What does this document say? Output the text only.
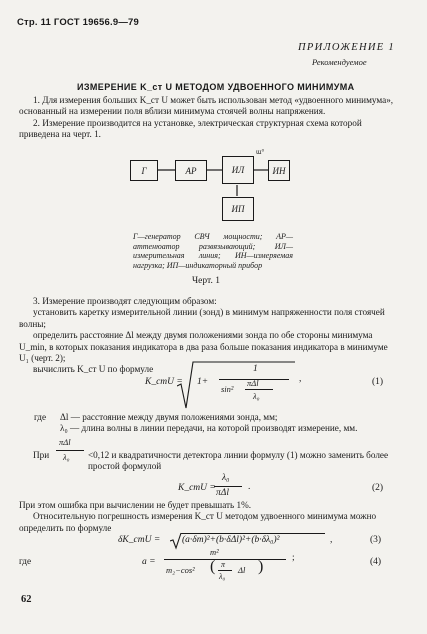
Стр. 11 ГОСТ 19656.9—79
ПРИЛОЖЕНИЕ 1
Рекомендуемое
ИЗМЕРЕНИЕ K_ст U МЕТОДОМ УДВОЕННОГО МИНИМУМА

1. Для измерения больших K_ст U может быть использован метод «удвоенного минимума», основанный на измерении поля вблизи минимума стоячей волны напряжения.

2. Измерение производится на установке, электрическая структурная схема которой приведена на черт. 1.

Г	АР	ИЛ	ИН
ИП
ɯ°
Г—генератор СВЧ мощности; АР—аттенюатор развязывающий; ИЛ—измерительная линия; ИН—измеряемая нагрузка; ИП—индикаторный прибор
Черт. 1

3. Измерение производят следующим образом:

установить каретку измерительной линии (зонд) в минимум напряженности поля стоячей волны;

определить расстояние Δl между двумя положениями зонда по обе стороны минимума U_min, в которых показания индикатора в два раза больше показания индикатора в минимуме U₁ (черт. 2);

вычислить K_ст U по формуле

K_стU = 1+
1
sin²
πΔl
λ₀
,	(1)
где Δl — расстояние между двумя положениями зонда, мм;

λ₀ — длина волны в линии передачи, на которой производят измерение, мм.

При
πΔl
λ₀ <0,12 и квадратичности детектора линии формулу (1) можно заменить более простой формулой
K_стU =
λ₀
πΔl
.	(2)

При этом ошибка при вычислении не будет превышать 1%.

Относительную погрешность измерения K_ст U методом удвоенного минимума можно определить по формуле

δK_стU = (a·δm)²+(b·δΔl)²+(b·δλ₀)²	,	(3)
где	a =
m²
m₂−cos² ( π
λ₀
Δl )	;	(4)
62
